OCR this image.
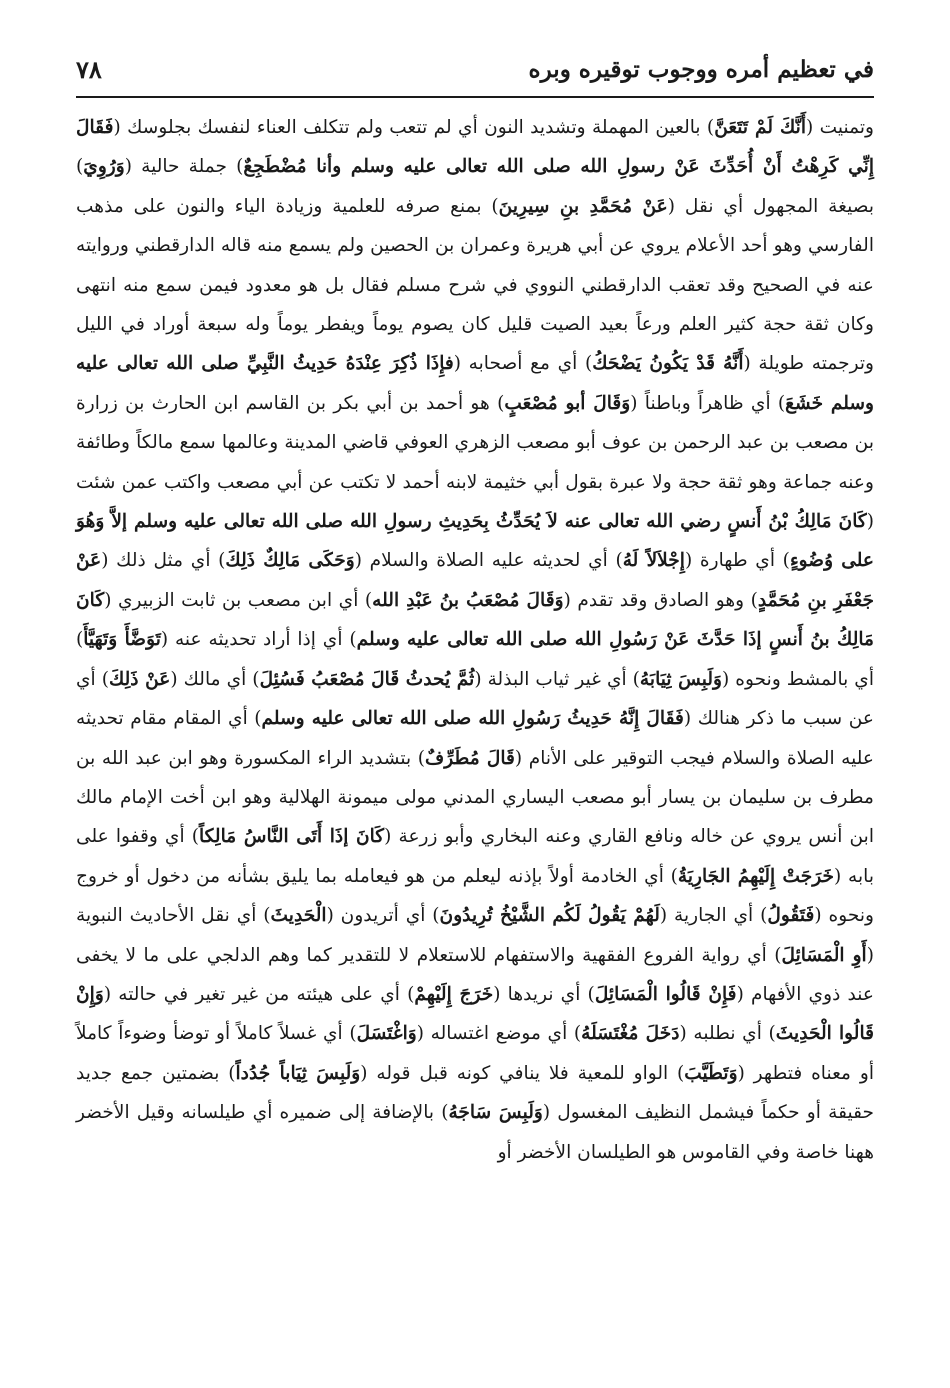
٧٨	في تعظيم أمره ووجوب توقيره وبره

وتمنيت (أَنَّكَ لَمْ تَتَعَنَّ) بالعين المهملة وتشديد النون أي لم تتعب ولم تتكلف العناء لنفسك بجلوسك (فَقَالَ إِنِّي كَرِهْتُ أَنْ أُحَدِّثَ عَنْ رسولِ الله صلى الله تعالى عليه وسلم وأنا مُضْطَجِعٌ) جملة حالية (وَرُوِيَ) بصيغة المجهول أي نقل (عَنْ مُحَمَّدِ بنِ سِيرِينَ) بمنع صرفه للعلمية وزيادة الياء والنون على مذهب الفارسي وهو أحد الأعلام يروي عن أبي هريرة وعمران بن الحصين ولم يسمع منه قاله الدارقطني وروايته عنه في الصحيح وقد تعقب الدارقطني النووي في شرح مسلم فقال بل هو معدود فيمن سمع منه انتهى وكان ثقة حجة كثير العلم ورعاً بعيد الصيت قليل كان يصوم يوماً ويفطر يوماً وله سبعة أوراد في الليل وترجمته طويلة (أَنَّهُ قَدْ يَكُونُ يَضْحَكُ) أي مع أصحابه (فإِذَا ذُكِرَ عِنْدَهُ حَدِيثُ النَّبِيِّ صلى الله تعالى عليه وسلم خَشَعَ) أي ظاهراً وباطناً (وَقَالَ أبو مُصْعَبٍ) هو أحمد بن أبي بكر بن القاسم ابن الحارث بن زرارة بن مصعب بن عبد الرحمن بن عوف أبو مصعب الزهري العوفي قاضي المدينة وعالمها سمع مالكاً وطائفة وعنه جماعة وهو ثقة حجة ولا عبرة بقول أبي خثيمة لابنه أحمد لا تكتب عن أبي مصعب واكتب عمن شئت (كَانَ مَالِكُ بْنُ أَنسٍ رضي الله تعالى عنه لاَ يُحَدِّثُ بِحَدِيثِ رسولِ الله صلى الله تعالى عليه وسلم إلاَّ وَهُوَ على وُضُوءٍ) أي طهارة (إِجْلاَلاً لَهُ) أي لحديثه عليه الصلاة والسلام (وَحَكَى مَالِكٌ ذَلِكَ) أي مثل ذلك (عَنْ جَعْفَرِ بنِ مُحَمَّدٍ) وهو الصادق وقد تقدم (وَقَالَ مُصْعَبُ بنُ عَبْدِ الله) أي ابن مصعب بن ثابت الزبيري (كَانَ مَالِكُ بنُ أَنسٍ إذَا حَدَّثَ عَنْ رَسُولِ الله صلى الله تعالى عليه وسلم) أي إذا أراد تحديثه عنه (تَوَضَّأَ وَتَهَيَّأَ) أي بالمشط ونحوه (وَلَبِسَ ثِيَابَهُ) أي غير ثياب البذلة (ثُمَّ يُحدثُ قَالَ مُصْعَبُ فَسُئِلَ) أي مالك (عَنْ ذَلِكَ) أي عن سبب ما ذكر هنالك (فَقَالَ إِنَّهُ حَدِيثُ رَسُولِ الله صلى الله تعالى عليه وسلم) أي المقام مقام تحديثه عليه الصلاة والسلام فيجب التوقير على الأنام (قَالَ مُطَرِّفٌ) بتشديد الراء المكسورة وهو ابن عبد الله بن مطرف بن سليمان بن يسار أبو مصعب اليساري المدني مولى ميمونة الهلالية وهو ابن أخت الإمام مالك ابن أنس يروي عن خاله ونافع القاري وعنه البخاري وأبو زرعة (كَانَ إذَا أَتَى النَّاسُ مَالِكاً) أي وقفوا على بابه (خَرَجَتْ إِلَيْهِمُ الجَارِيَةُ) أي الخادمة أولاً بإذنه ليعلم من هو فيعامله بما يليق بشأنه من دخول أو خروج ونحوه (فَتَقُولُ) أي الجارية (لَهُمْ يَقُولُ لَكُم الشَّيْخُ تُرِيدُونَ) أي أتريدون (الْحَدِيثَ) أي نقل الأحاديث النبوية (أَوِ الْمَسَائِلَ) أي رواية الفروع الفقهية والاستفهام للاستعلام لا للتقدير كما وهم الدلجي على ما لا يخفى عند ذوي الأفهام (فَإِنْ قَالُوا الْمَسَائِلَ) أي نريدها (خَرَجَ إِلَيْهِمْ) أي على هيئته من غير تغير في حالته (وَإِنْ قَالُوا الْحَدِيثَ) أي نطلبه (دَخَلَ مُغْتَسَلَهُ) أي موضع اغتساله (وَاغْتَسَلَ) أي غسلاً كاملاً أو توضأ وضوءاً كاملاً أو معناه فتطهر (وَتَطَيَّبَ) الواو للمعية فلا ينافي كونه قبل قوله (وَلَبِسَ ثِيَاباً جُدُداً) بضمتين جمع جديد حقيقة أو حكماً فيشمل النظيف المغسول (وَلَبِسَ سَاجَهُ) بالإضافة إلى ضميره أي طيلسانه وقيل الأخضر ههنا خاصة وفي القاموس هو الطيلسان الأخضر أو
